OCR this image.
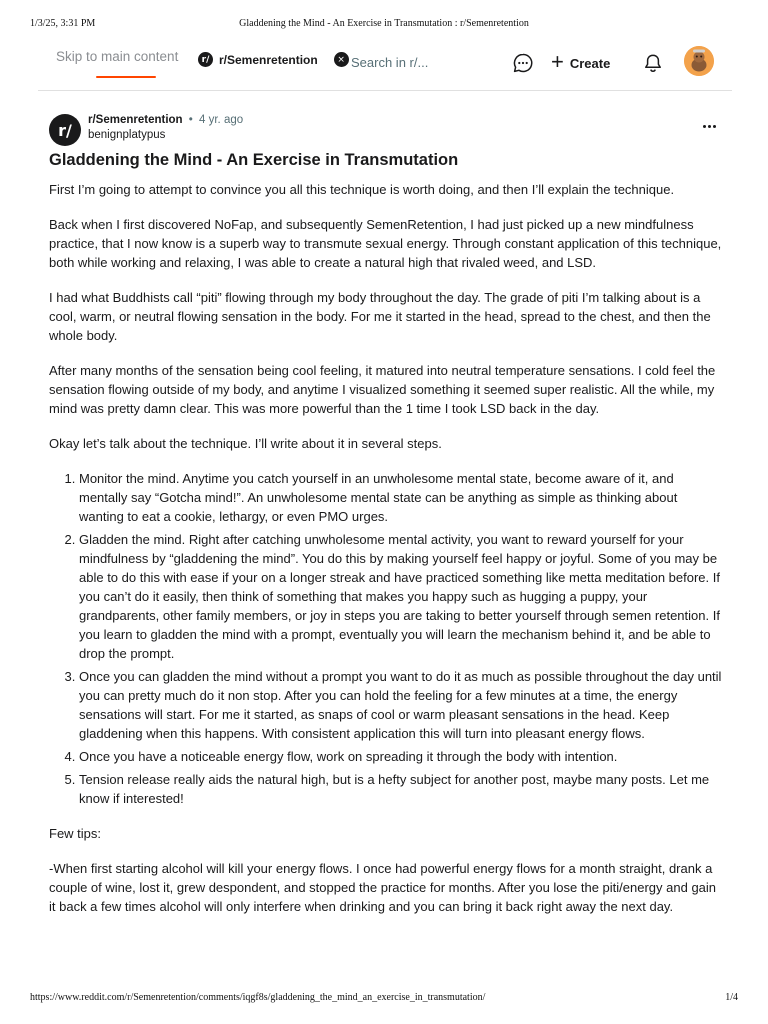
1/3/25, 3:31 PM	Gladdening the Mind - An Exercise in Transmutation : r/Semenretention
Skip to main content	r/ r/Semenretention	×
Search in r/...	+ Create
r/
r/Semenretention • 4 yr. ago
benignplatypus
Gladdening the Mind - An Exercise in Transmutation

First I’m going to attempt to convince you all this technique is worth doing, and then I’ll explain the technique.

Back when I first discovered NoFap, and subsequently SemenRetention, I had just picked up a new mindfulness practice, that I now know is a superb way to transmute sexual energy. Through constant application of this technique, both while working and relaxing, I was able to create a natural high that rivaled weed, and LSD.

I had what Buddhists call “piti” flowing through my body throughout the day. The grade of piti I’m talking about is a cool, warm, or neutral flowing sensation in the body. For me it started in the head, spread to the chest, and then the whole body.

After many months of the sensation being cool feeling, it matured into neutral temperature sensations. I cold feel the sensation flowing outside of my body, and anytime I visualized something it seemed super realistic. All the while, my mind was pretty damn clear. This was more powerful than the 1 time I took LSD back in the day.

Okay let’s talk about the technique. I’ll write about it in several steps.

1. Monitor the mind. Anytime you catch yourself in an unwholesome mental state, become aware of it, and mentally say “Gotcha mind!”. An unwholesome mental state can be anything as simple as thinking about wanting to eat a cookie, lethargy, or even PMO urges.
2. Gladden the mind. Right after catching unwholesome mental activity, you want to reward yourself for your mindfulness by “gladdening the mind”. You do this by making yourself feel happy or joyful. Some of you may be able to do this with ease if your on a longer streak and have practiced something like metta meditation before. If you can’t do it easily, then think of something that makes you happy such as hugging a puppy, your grandparents, other family members, or joy in steps you are taking to better yourself through semen retention. If you learn to gladden the mind with a prompt, eventually you will learn the mechanism behind it, and be able to drop the prompt.
3. Once you can gladden the mind without a prompt you want to do it as much as possible throughout the day until you can pretty much do it non stop. After you can hold the feeling for a few minutes at a time, the energy sensations will start. For me it started, as snaps of cool or warm pleasant sensations in the head. Keep gladdening when this happens. With consistent application this will turn into pleasant energy flows.
4. Once you have a noticeable energy flow, work on spreading it through the body with intention.
5. Tension release really aids the natural high, but is a hefty subject for another post, maybe many posts. Let me know if interested!

Few tips:

-When first starting alcohol will kill your energy flows. I once had powerful energy flows for a month straight, drank a couple of wine, lost it, grew despondent, and stopped the practice for months. After you lose the piti/energy and gain it back a few times alcohol will only interfere when drinking and you can bring it back right away the next day.

https://www.reddit.com/r/Semenretention/comments/iqgf8s/gladdening_the_mind_an_exercise_in_transmutation/	1/4
